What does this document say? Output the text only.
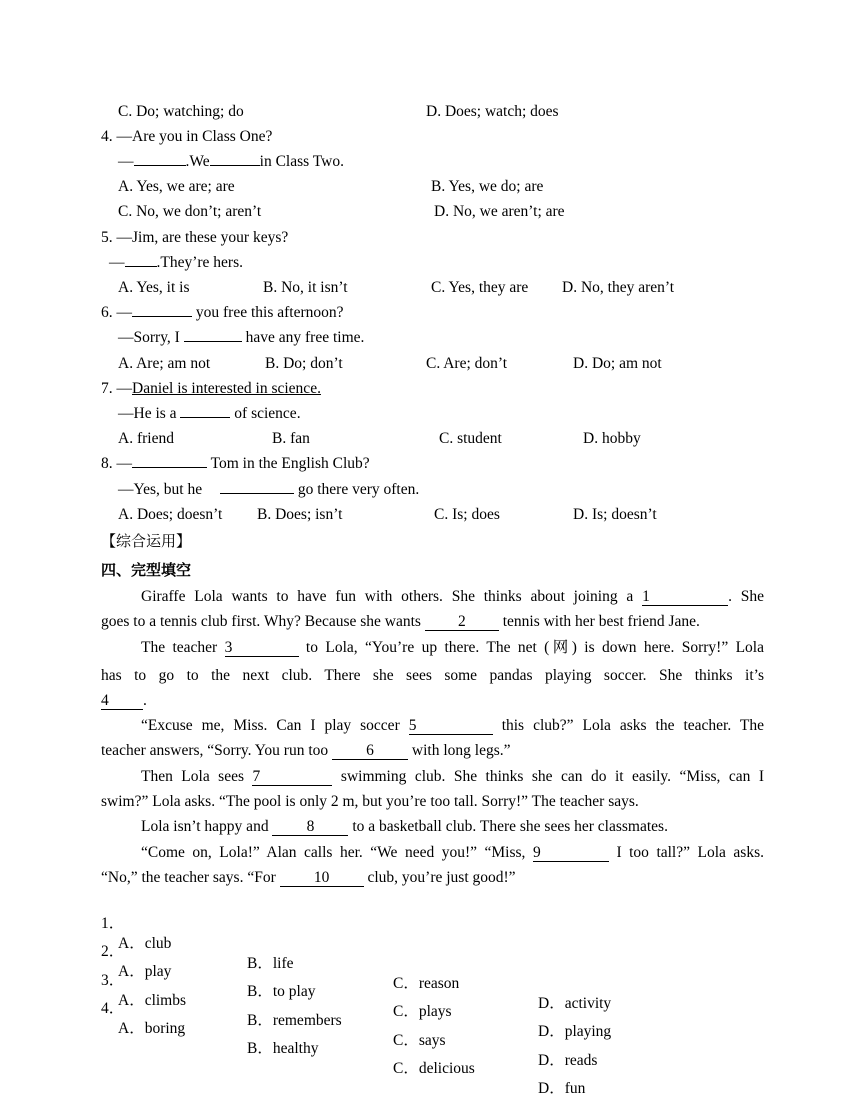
C. Do; watching; do	D. Does; watch; does
4. —Are you in Class One?
—	.We	in Class Two.
A. Yes, we are; are	B. Yes, we do; are
C. No, we don’t; aren’t	D. No, we aren’t; are
5. —Jim, are these your keys?
— .They’re hers.
A. Yes, it is	B. No, it isn’t	C. Yes, they are D. No, they aren’t
6. —	you free this afternoon?
—Sorry, I	have any free time.
A. Are; am not	B. Do; don’t	C. Are; don’t	D. Do; am not
7. —Daniel is interested in science.
—He is a	of science.
A. friend	B. fan	C. student	D. hobby
8. —	Tom in the English Club?
—Yes, but he	go there very often.
A. Does; doesn’t B. Does; isn’t	C. Is; does	D. Is; doesn’t
【综合运用】
四、完型填空
Giraffe Lola wants to have fun with others. She thinks about joining a 1	. She
goes to a tennis club first. Why? Because she wants 2 tennis with her best friend Jane.
The teacher 3	to Lola, “You’re up there. The net (网) is down here. Sorry!” Lola
has to go to the next club. There she sees some pandas playing soccer. She thinks it’s
4 .
“Excuse me, Miss. Can I play soccer 5	this club?” Lola asks the teacher. The
teacher answers, “Sorry. You run too 6 with long legs.”
Then Lola sees 7	swimming club. She thinks she can do it easily. “Miss, can I
swim?” Lola asks. “The pool is only 2 m, but you’re too tall. Sorry!” The teacher says.
Lola isn’t happy and 8 to a basketball club. There she sees her classmates.
“Come on, Lola!” Alan calls her. “We need you!” “Miss, 9	I too tall?” Lola asks.
“No,” the teacher says. “For 10 club, you’re just good!”

1．

A．club

B．life

C．reason

D．activity

2．

A．play

B．to play

C．plays

D．playing

3．

A．climbs

B．remembers

C．says

D．reads

4．

A．boring

B．healthy

C．delicious

D．fun
